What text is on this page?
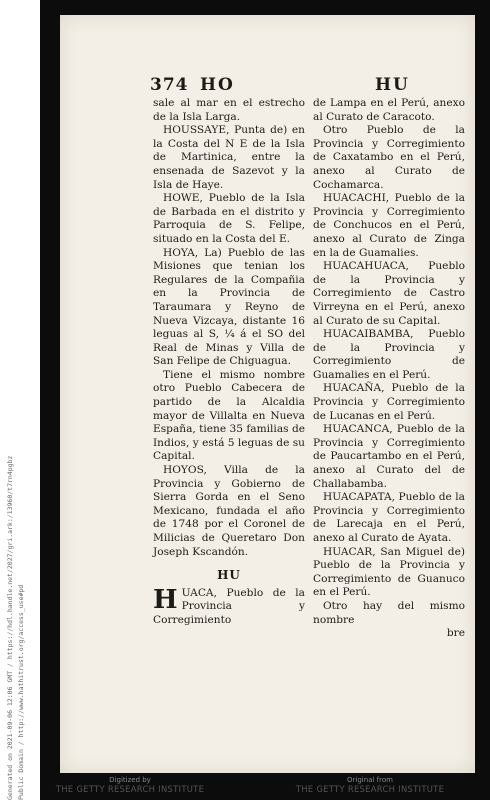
Generated on 2021-09-06 12:06 GMT / https://hdl.handle.net/2027/gri.ark:/13960/t7rn4pgbz Public Domain / http://www.hathitrust.org/access_use#pd
374 HO	HU

sale al mar en el estrecho de la Isla Larga.

HOUSSAYE, Punta de) en la Costa del N E de la Isla de Martinica, entre la ensenada de Sazevot y la Isla de Haye.

HOWE, Pueblo de la Isla de Barbada en el distrito y Parroquia de S. Felipe, situado en la Costa del E.

HOYA, La) Pueblo de las Misiones que tenian los Regulares de la Compañia en la Provincia de Taraumara y Reyno de Nueva Vizcaya, distante 16 leguas al S, ¼ á el SO del Real de Minas y Villa de San Felipe de Chiguagua.

Tiene el mismo nombre otro Pueblo Cabecera de partido de la Alcaldia mayor de Villalta en Nueva España, tiene 35 familias de Indios, y está 5 leguas de su Capital.

HOYOS, Villa de la Provincia y Gobierno de Sierra Gorda en el Seno Mexicano, fundada el año de 1748 por el Coronel de Milicias de Queretaro Don Joseph Kscandón.

HU

HUACA, Pueblo de la Provincia y Corregimiento

de Lampa en el Perú, anexo al Curato de Caracoto.

Otro Pueblo de la Provincia y Corregimiento de Caxatambo en el Perú, anexo al Curato de Cochamarca.

HUACACHI, Pueblo de la Provincia y Corregimiento de Conchucos en el Perú, anexo al Curato de Zinga en la de Guamalies.

HUACAHUACA, Pueblo de la Provincia y Corregimiento de Castro Virreyna en el Perú, anexo al Curato de su Capital.

HUACAIBAMBA, Pueblo de la Provincia y Corregimiento de Guamalies en el Perú.

HUACAÑA, Pueblo de la Provincia y Corregimiento de Lucanas en el Perú.

HUACANCA, Pueblo de la Provincia y Corregimiento de Paucartambo en el Perú, anexo al Curato del de Challabamba.

HUACAPATA, Pueblo de la Provincia y Corregimiento de Larecaja en el Perú, anexo al Curato de Ayata.

HUACAR, San Miguel de) Pueblo de la Provincia y Corregimiento de Guanuco en el Perú.

Otro hay del mismo nombre

bre

Digitized by
THE GETTY RESEARCH INSTITUTE
Original from
THE GETTY RESEARCH INSTITUTE
